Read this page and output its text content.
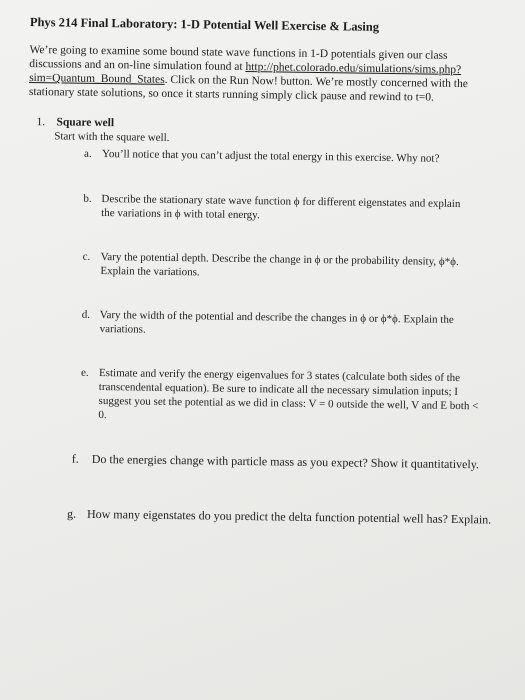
Phys 214 Final Laboratory: 1-D Potential Well Exercise & Lasing
We’re going to examine some bound state wave functions in 1-D potentials given our class discussions and an on-line simulation found at http://phet.colorado.edu/simulations/sims.php?sim=Quantum_Bound_States. Click on the Run Now! button. We’re mostly concerned with the stationary state solutions, so once it starts running simply click pause and rewind to t=0.
1. Square well
Start with the square well.
a. You’ll notice that you can’t adjust the total energy in this exercise. Why not?
b. Describe the stationary state wave function ϕ for different eigenstates and explain the variations in ϕ with total energy.
c. Vary the potential depth. Describe the change in ϕ or the probability density, ϕ*ϕ. Explain the variations.
d. Vary the width of the potential and describe the changes in ϕ or ϕ*ϕ. Explain the variations.
e. Estimate and verify the energy eigenvalues for 3 states (calculate both sides of the transcendental equation). Be sure to indicate all the necessary simulation inputs; I suggest you set the potential as we did in class: V = 0 outside the well, V and E both < 0.
f.	Do the energies change with particle mass as you expect? Show it quantitatively.
g. How many eigenstates do you predict the delta function potential well has? Explain.
